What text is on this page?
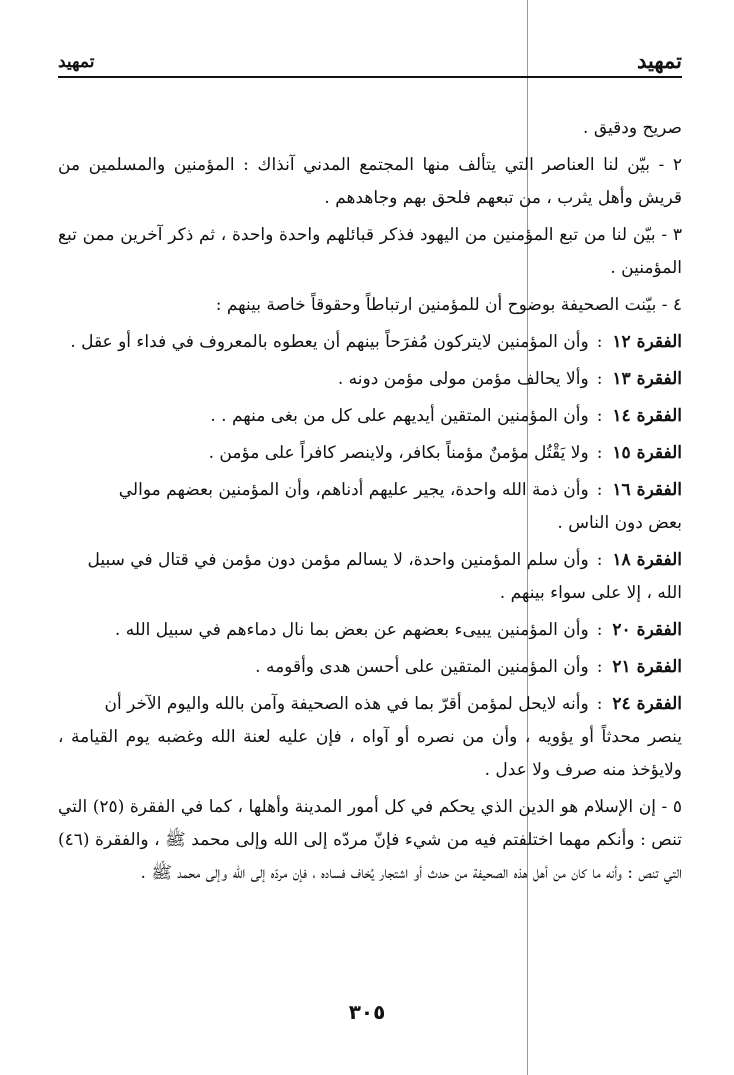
تمهيد
تمهيد

صريح ودقيق .

٢ - بيّن لنا العناصر التي يتألف منها المجتمع المدني آنذاك : المؤمنين والمسلمين من قريش وأهل يثرب ، من تبعهم فلحق بهم وجاهدهم .

٣ - بيّن لنا من تبع المؤمنين من اليهود فذكر قبائلهم واحدة واحدة ، ثم ذكر آخرين ممن تبع المؤمنين .

٤ - بيّنت الصحيفة بوضوح أن للمؤمنين ارتباطاً وحقوقاً خاصة بينهم :

الفقرة ١٢
:
وأن المؤمنين لايتركون مُفرَحاً بينهم أن يعطوه بالمعروف في فداء أو عقل .
الفقرة ١٣
:
وألا يحالف مؤمن مولى مؤمن دونه .
الفقرة ١٤
:
وأن المؤمنين المتقين أيديهم على كل من بغى منهم . .
الفقرة ١٥
:
ولا يَقْتُل مؤمنٌ مؤمناً بكافر، ولاينصر كافراً على مؤمن .
الفقرة ١٦
:
وأن ذمة الله واحدة، يجير عليهم أدناهم، وأن المؤمنين بعضهم موالي

بعض دون الناس .

الفقرة ١٨
:
وأن سلم المؤمنين واحدة، لا يسالم مؤمن دون مؤمن في قتال في سبيل

الله ، إلا على سواء بينهم .

الفقرة ٢٠
:
وأن المؤمنين يبيىء بعضهم عن بعض بما نال دماءهم في سبيل الله .
الفقرة ٢١
:
وأن المؤمنين المتقين على أحسن هدى وأقومه .
الفقرة ٢٤
:
وأنه لايحل لمؤمن أقرّ بما في هذه الصحيفة وآمن بالله واليوم الآخر أن

ينصر محدثاً أو يؤويه ، وأن من نصره أو آواه ، فإن عليه لعنة الله وغضبه يوم القيامة ، ولايؤخذ منه صرف ولا عدل .

٥ - إن الإسلام هو الدين الذي يحكم في كل أمور المدينة وأهلها ، كما في الفقرة (٢٥) التي تنص : وأنكم مهما اختلفتم فيه من شيء فإنّ مردّه إلى الله وإلى محمد ﷺ ، والفقرة (٤٦) التي تنص : وأنه ما كان من أهل هذه الصحيفة من حدث أو اشتجار يُخاف فساده ، فإن مردّه إلى الله وإلى محمد ﷺ .

٣٠٥
